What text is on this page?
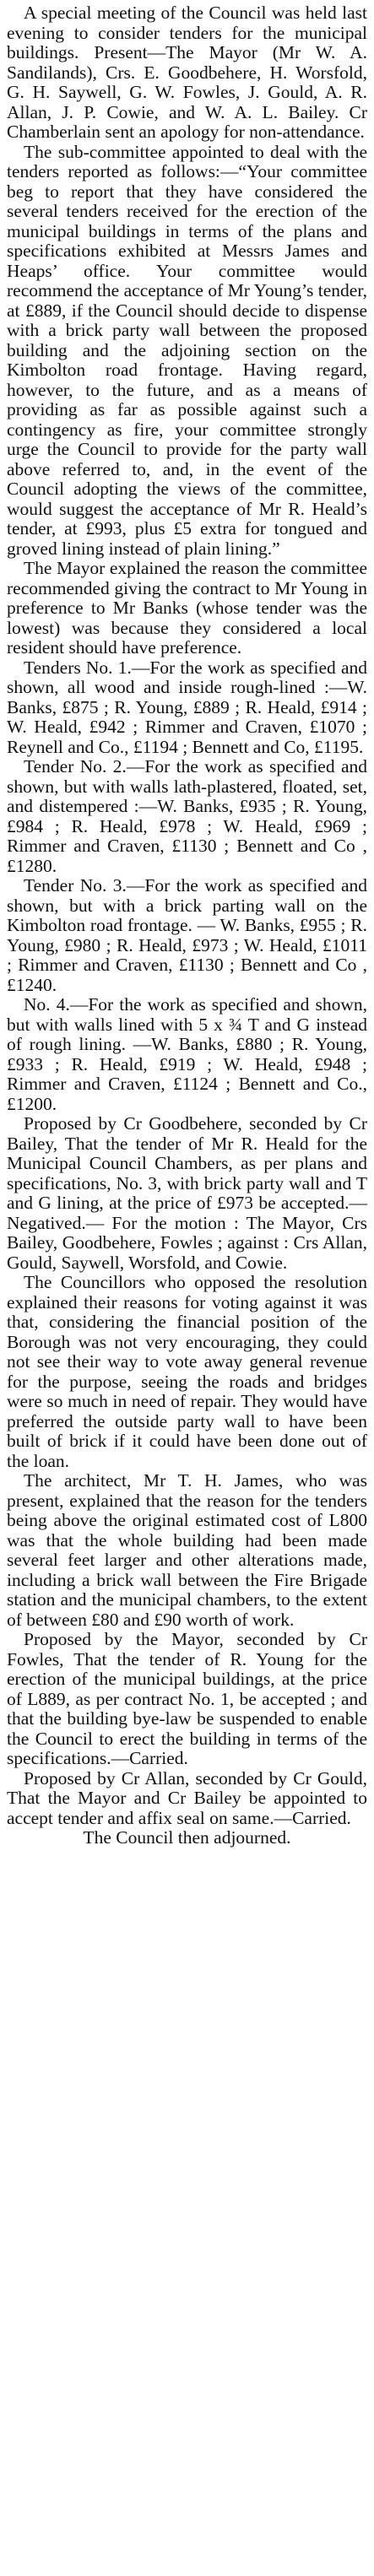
A special meeting of the Council was held last evening to consider tenders for the municipal buildings. Present—The Mayor (Mr W. A. Sandilands), Crs. E. Goodbehere, H. Worsfold, G. H. Saywell, G. W. Fowles, J. Gould, A. R. Allan, J. P. Cowie, and W. A. L. Bailey. Cr Chamberlain sent an apology for non-attendance.

The sub-committee appointed to deal with the tenders reported as follows:—“Your committee beg to report that they have considered the several tenders received for the erection of the municipal buildings in terms of the plans and specifications exhibited at Messrs James and Heaps’ office. Your committee would recommend the acceptance of Mr Young’s tender, at £889, if the Council should decide to dispense with a brick party wall between the proposed building and the adjoining section on the Kimbolton road frontage. Having regard, however, to the future, and as a means of providing as far as possible against such a contingency as fire, your committee strongly urge the Council to provide for the party wall above referred to, and, in the event of the Council adopting the views of the committee, would suggest the acceptance of Mr R. Heald’s tender, at £993, plus £5 extra for tongued and groved lining instead of plain lining.”

The Mayor explained the reason the committee recommended giving the contract to Mr Young in preference to Mr Banks (whose tender was the lowest) was because they considered a local resident should have preference.

Tenders No. 1.—For the work as specified and shown, all wood and inside rough-lined :—W. Banks, £875 ; R. Young, £889 ; R. Heald, £914 ; W. Heald, £942 ; Rimmer and Craven, £1070 ; Reynell and Co., £1194 ; Bennett and Co, £1195.

Tender No. 2.—For the work as specified and shown, but with walls lath-plastered, floated, set, and distempered :—W. Banks, £935 ; R. Young, £984 ; R. Heald, £978 ; W. Heald, £969 ; Rimmer and Craven, £1130 ; Bennett and Co , £1280.

Tender No. 3.—For the work as specified and shown, but with a brick parting wall on the Kimbolton road frontage. — W. Banks, £955 ; R. Young, £980 ; R. Heald, £973 ; W. Heald, £1011 ; Rimmer and Craven, £1130 ; Bennett and Co ,£1240.

No. 4.—For the work as specified and shown, but with walls lined with 5 x ¾ T and G instead of rough lining. —W. Banks, £880 ; R. Young, £933 ; R. Heald, £919 ; W. Heald, £948 ; Rimmer and Craven, £1124 ; Bennett and Co., £1200.

Proposed by Cr Goodbehere, seconded by Cr Bailey, That the tender of Mr R. Heald for the Municipal Council Chambers, as per plans and specifications, No. 3, with brick party wall and T and G lining, at the price of £973 be accepted.—Negatived.— For the motion : The Mayor, Crs Bailey, Goodbehere, Fowles ; against : Crs Allan, Gould, Saywell, Worsfold, and Cowie.

The Councillors who opposed the resolution explained their reasons for voting against it was that, considering the financial position of the Borough was not very encouraging, they could not see their way to vote away general revenue for the purpose, seeing the roads and bridges were so much in need of repair. They would have preferred the outside party wall to have been built of brick if it could have been done out of the loan.

The architect, Mr T. H. James, who was present, explained that the reason for the tenders being above the original estimated cost of L800 was that the whole building had been made several feet larger and other alterations made, including a brick wall between the Fire Brigade station and the municipal chambers, to the extent of between £80 and £90 worth of work.

Proposed by the Mayor, seconded by Cr Fowles, That the tender of R. Young for the erection of the municipal buildings, at the price of L889, as per contract No. 1, be accepted ; and that the building bye-law be suspended to enable the Council to erect the building in terms of the specifications.—Carried.

Proposed by Cr Allan, seconded by Cr Gould, That the Mayor and Cr Bailey be appointed to accept tender and affix seal on same.—Carried.

The Council then adjourned.
